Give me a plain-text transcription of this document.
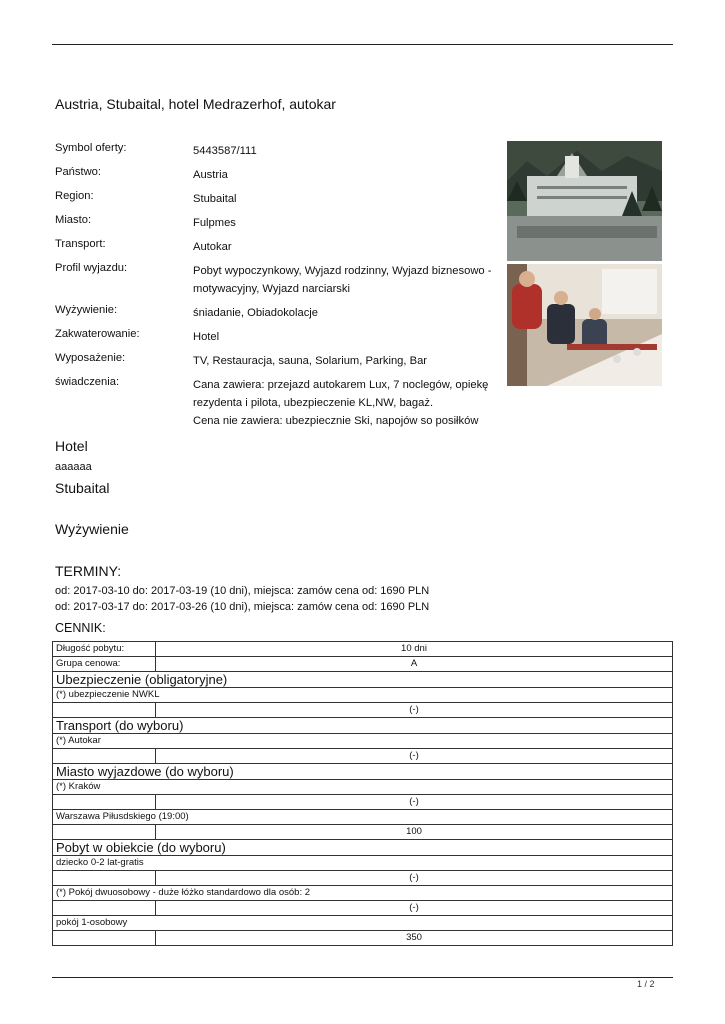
Austria, Stubaital, hotel Medrazerhof, autokar
Symbol oferty:	5443587/111
Państwo:	Austria
Region:	Stubaital
Miasto:	Fulpmes
Transport:	Autokar
Profil wyjazdu:	Pobyt wypoczynkowy, Wyjazd rodzinny, Wyjazd biznesowo -
motywacyjny, Wyjazd narciarski
Wyżywienie:	śniadanie, Obiadokolacje
Zakwaterowanie:	Hotel
Wyposażenie:	TV, Restauracja, sauna, Solarium, Parking, Bar
świadczenia:	Cana zawiera: przejazd autokarem Lux, 7 noclegów, opiekę
rezydenta i pilota, ubezpieczenie KL,NW, bagaż.
Cena nie zawiera: ubezpiecznie Ski, napojów so posiłków
Hotel
aaaaaa
Stubaital
Wyżywienie
TERMINY:
od: 2017-03-10 do: 2017-03-19 (10 dni), miejsca: zamów cena od: 1690 PLN
od: 2017-03-17 do: 2017-03-26 (10 dni), miejsca: zamów cena od: 1690 PLN
CENNIK:
Długość pobytu:	10 dni
Grupa cenowa:	A
Ubezpieczenie (obligatoryjne)	
(*) ubezpieczenie NWKL	
	(-)
Transport (do wyboru)	
(*) Autokar	
	(-)
Miasto wyjazdowe (do wyboru)	
(*) Kraków	
	(-)
Warszawa Piłusdskiego (19:00)	
	100
Pobyt w obiekcie (do wyboru)	
dziecko 0-2 lat-gratis	
	(-)
(*) Pokój dwuosobowy - duże łóżko standardowo dla osób: 2	
	(-)
pokój 1-osobowy	
	350
1 / 2
